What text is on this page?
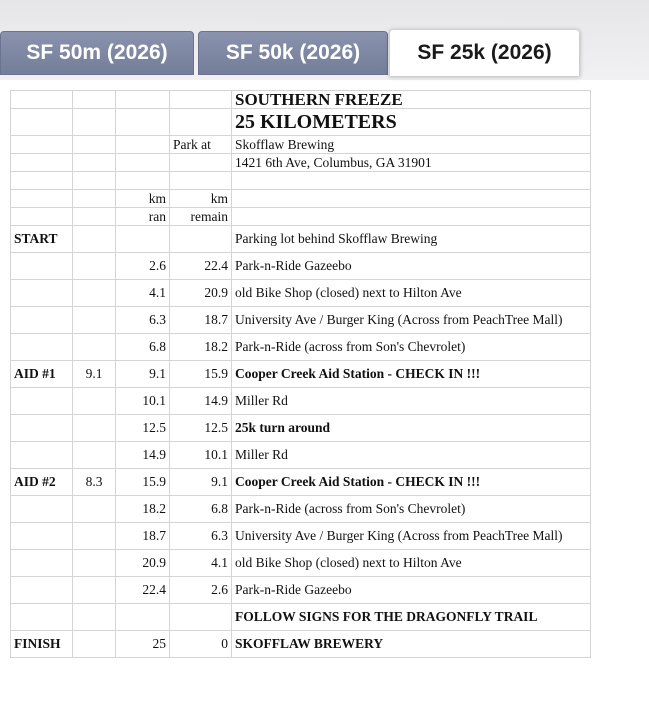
SF 50m (2026)	SF 50k (2026)	SF 25k (2026)
				SOUTHERN FREEZE
				25 KILOMETERS
			Park at	Skofflaw Brewing
				1421 6th Ave, Columbus, GA 31901

		km	km	
		ran	remain	
START				Parking lot behind Skofflaw Brewing
		2.6	22.4	Park-n-Ride Gazeebo
		4.1	20.9	old Bike Shop (closed) next to Hilton Ave
		6.3	18.7	University Ave / Burger King (Across from PeachTree Mall)
		6.8	18.2	Park-n-Ride (across from Son's Chevrolet)
AID #1	9.1	9.1	15.9	Cooper Creek Aid Station - CHECK IN !!!
		10.1	14.9	Miller Rd
		12.5	12.5	25k turn around
		14.9	10.1	Miller Rd
AID #2	8.3	15.9	9.1	Cooper Creek Aid Station - CHECK IN !!!
		18.2	6.8	Park-n-Ride (across from Son's Chevrolet)
		18.7	6.3	University Ave / Burger King (Across from PeachTree Mall)
		20.9	4.1	old Bike Shop (closed) next to Hilton Ave
		22.4	2.6	Park-n-Ride Gazeebo
				FOLLOW SIGNS FOR THE DRAGONFLY TRAIL
FINISH		25	0	SKOFFLAW BREWERY
